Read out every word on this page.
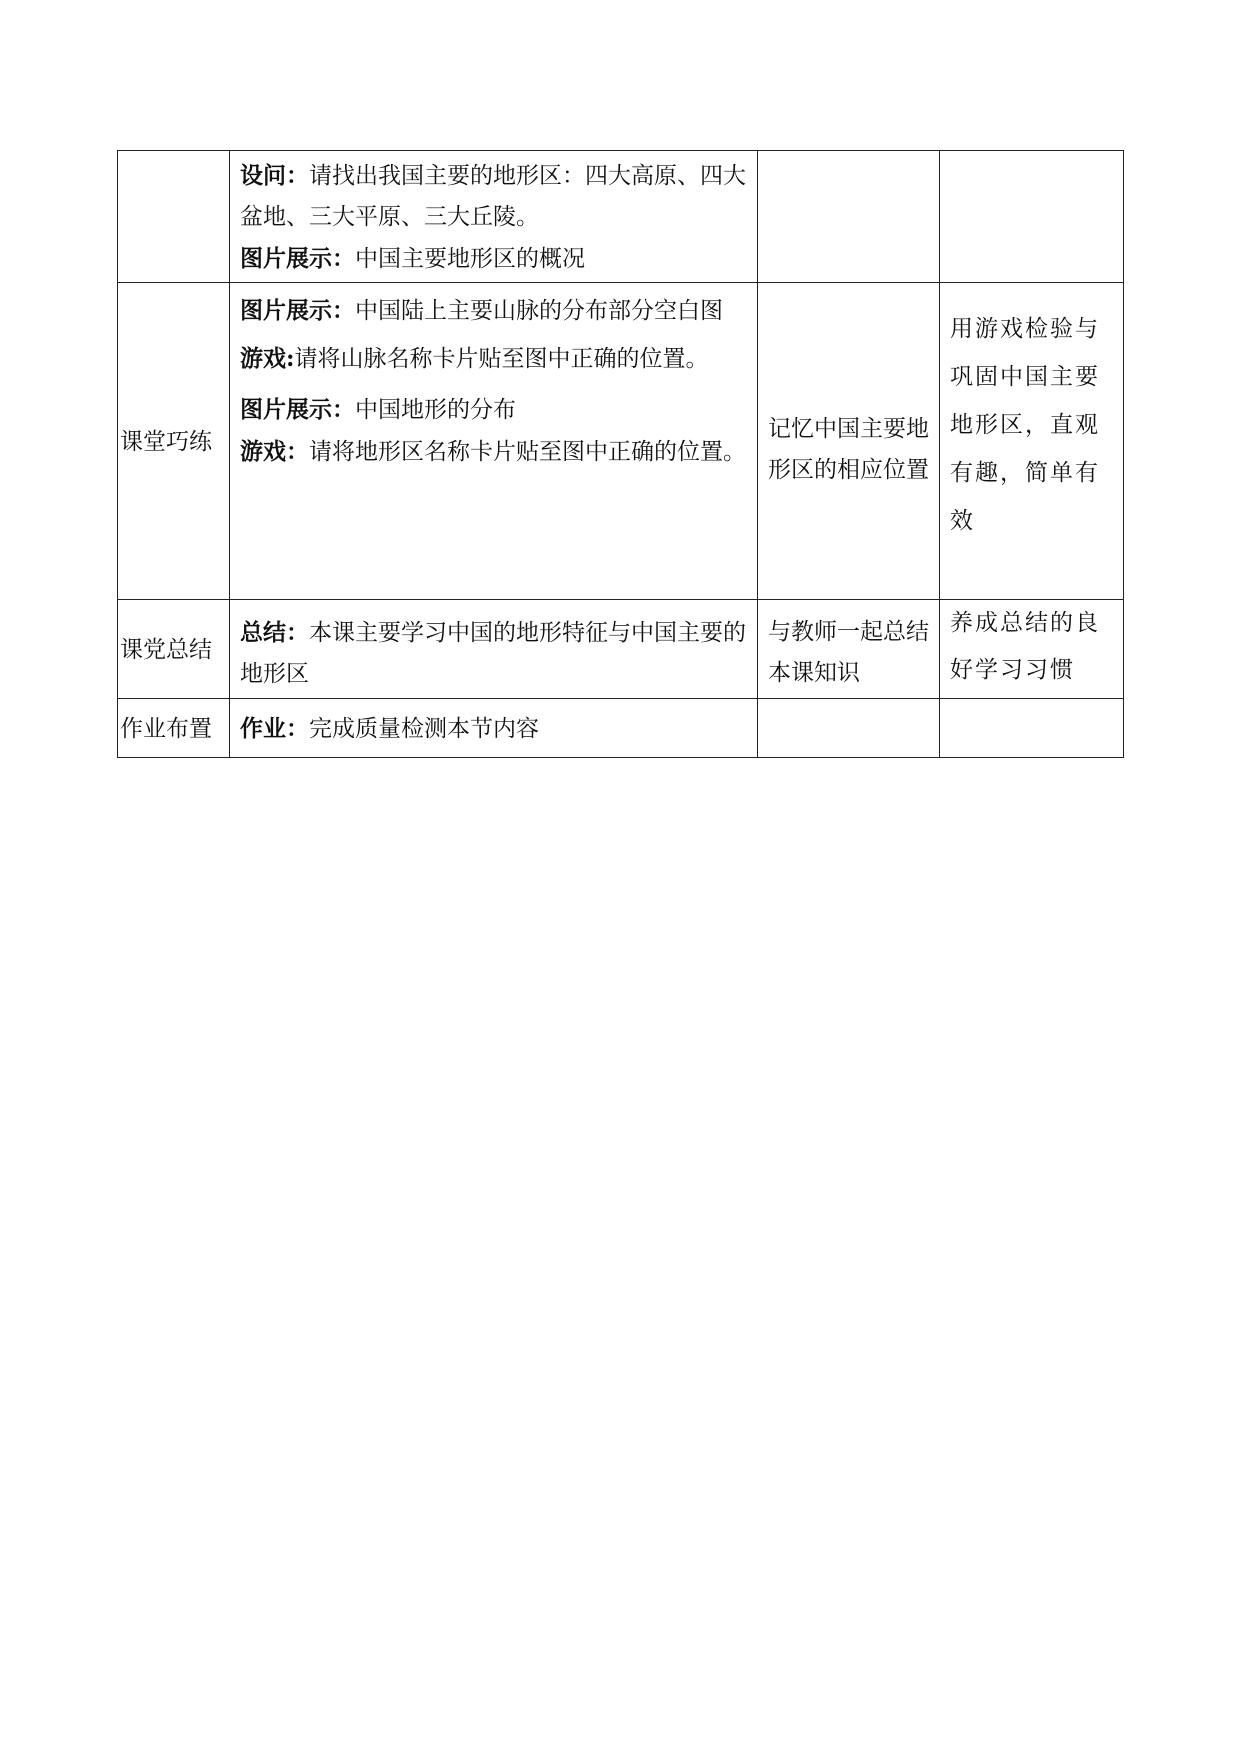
	设问：请找出我国主要的地形区：四大高原、四大盆地、三大平原、三大丘陵。
图片展示：中国主要地形区的概况		

课堂巧练	图片展示：中国陆上主要山脉的分布部分空白图
游戏:请将山脉名称卡片贴至图中正确的位置。
图片展示：中国地形的分布
游戏：请将地形区名称卡片贴至图中正确的位置。	记忆中国主要地形区的相应位置	用游戏检验与巩固中国主要地形区，直观有趣，简单有效
课党总结	总结：本课主要学习中国的地形特征与中国主要的地形区	与教师一起总结本课知识	养成总结的良好学习习惯
作业布置	作业：完成质量检测本节内容		
